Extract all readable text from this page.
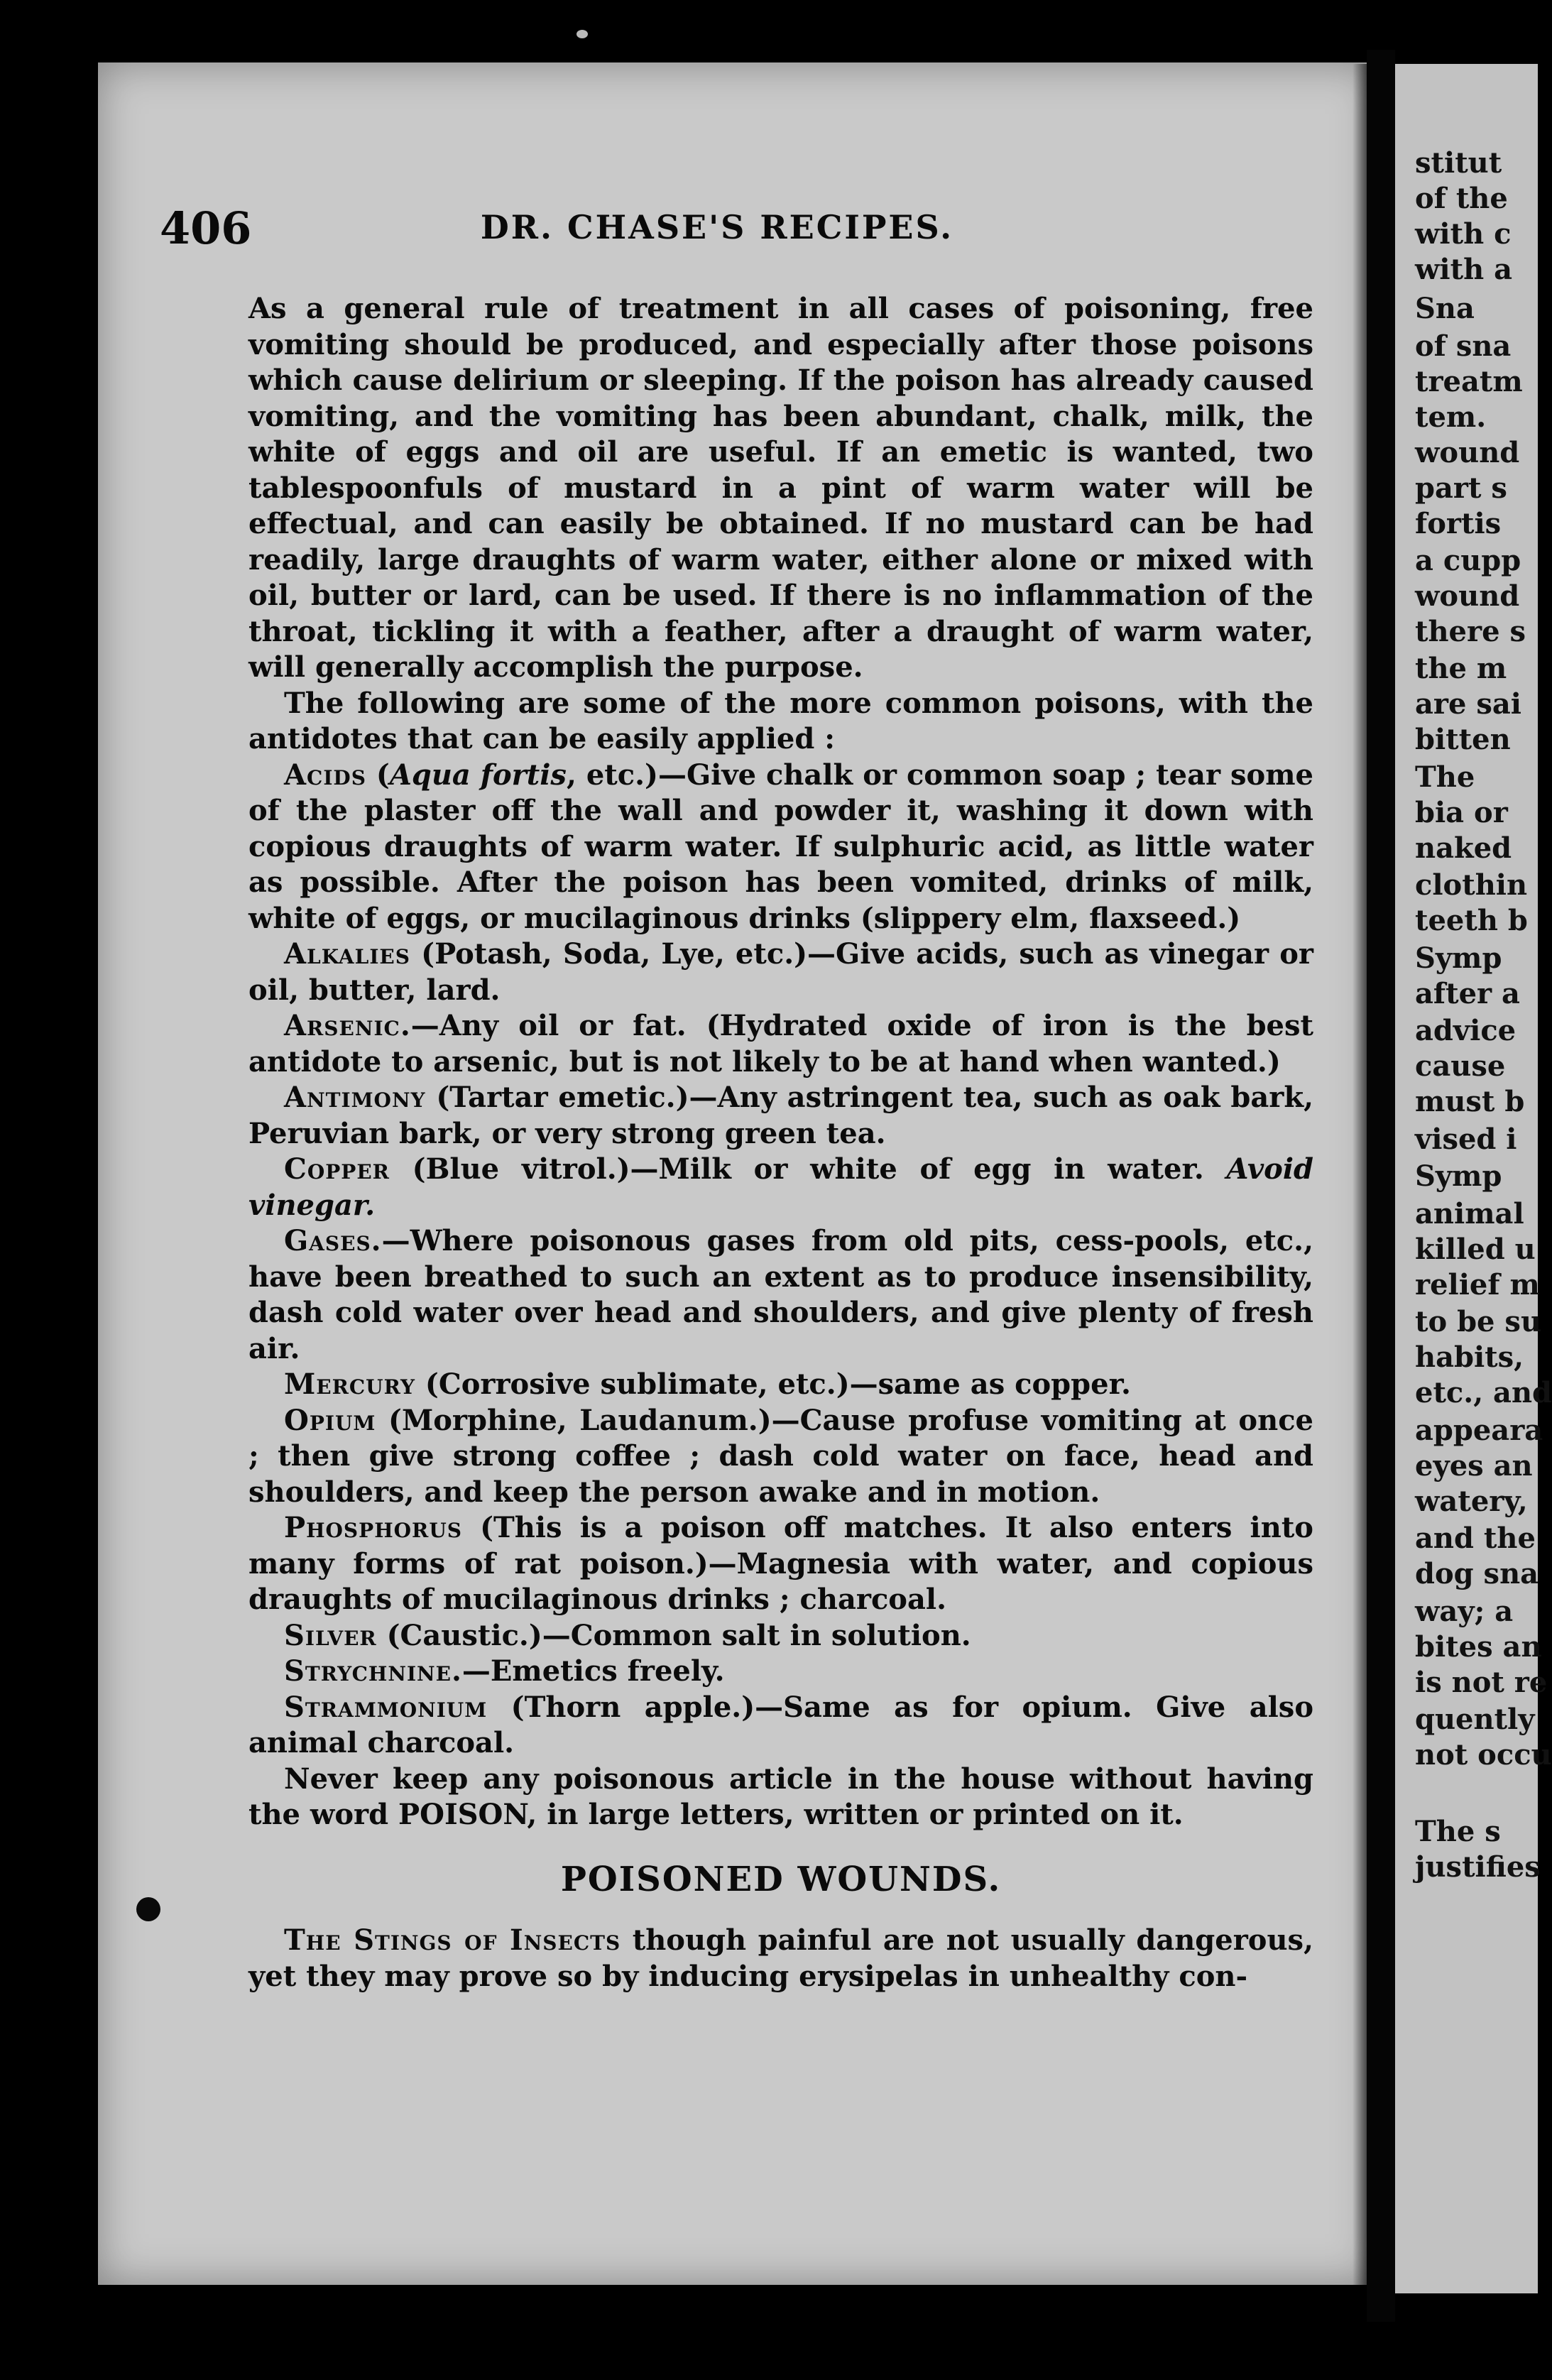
stitut
of the
with c
with a
Sna
of sna
treatm
tem.
wound
part s
fortis
a cupp
wound
there s
the m
are sai
bitten
The
bia or
naked
clothin
teeth b
Symp
after a
advice
cause
must b
vised i
Symp
animal
killed u
relief m
to be su
habits,
etc., and
appeara
eyes an
watery,
and the
dog sna
way; a
bites an
is not re
quently
not occu
The s
justifies
406	DR. CHASE'S RECIPES.

As a general rule of treatment in all cases of poisoning, free vomiting should be produced, and especially after those poisons which cause delirium or sleeping. If the poison has already caused vomiting, and the vomiting has been abundant, chalk, milk, the white of eggs and oil are useful. If an emetic is wanted, two tablespoonfuls of mustard in a pint of warm water will be effectual, and can easily be obtained. If no mustard can be had readily, large draughts of warm water, either alone or mixed with oil, butter or lard, can be used. If there is no inflammation of the throat, tickling it with a feather, after a draught of warm water, will generally accomplish the purpose.

The following are some of the more common poisons, with the antidotes that can be easily applied :

Acids (Aqua fortis, etc.)—Give chalk or common soap ; tear some of the plaster off the wall and powder it, washing it down with copious draughts of warm water. If sulphuric acid, as little water as possible. After the poison has been vomited, drinks of milk, white of eggs, or mucilaginous drinks (slippery elm, flaxseed.)

Alkalies (Potash, Soda, Lye, etc.)—Give acids, such as vinegar or oil, butter, lard.

Arsenic.—Any oil or fat. (Hydrated oxide of iron is the best antidote to arsenic, but is not likely to be at hand when wanted.)

Antimony (Tartar emetic.)—Any astringent tea, such as oak bark, Peruvian bark, or very strong green tea.

Copper (Blue vitrol.)—Milk or white of egg in water. Avoid vinegar.

Gases.—Where poisonous gases from old pits, cess-pools, etc., have been breathed to such an extent as to produce insensibility, dash cold water over head and shoulders, and give plenty of fresh air.

Mercury (Corrosive sublimate, etc.)—same as copper.

Opium (Morphine, Laudanum.)—Cause profuse vomiting at once ; then give strong coffee ; dash cold water on face, head and shoulders, and keep the person awake and in motion.

Phosphorus (This is a poison off matches. It also enters into many forms of rat poison.)—Magnesia with water, and copious draughts of mucilaginous drinks ; charcoal.

Silver (Caustic.)—Common salt in solution.

Strychnine.—Emetics freely.

Strammonium (Thorn apple.)—Same as for opium. Give also animal charcoal.

Never keep any poisonous article in the house without having the word POISON, in large letters, written or printed on it.

POISONED WOUNDS.

The Stings of Insects though painful are not usually dangerous, yet they may prove so by inducing erysipelas in unhealthy con-
